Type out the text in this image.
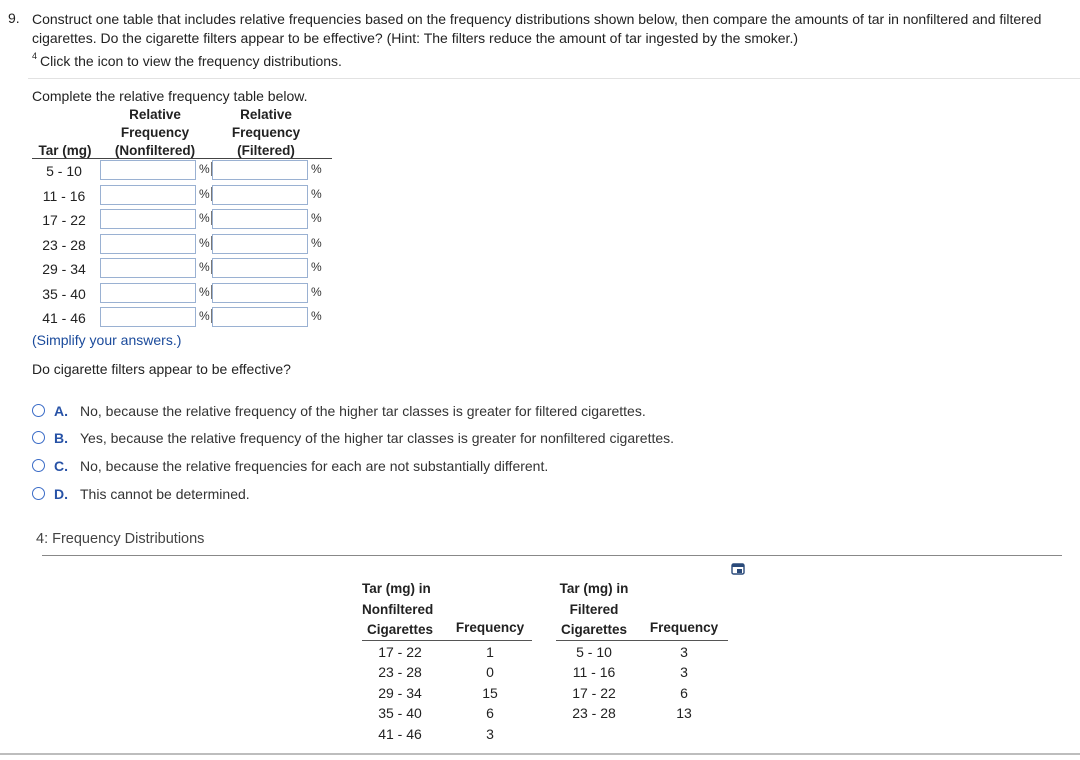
9. Construct one table that includes relative frequencies based on the frequency distributions shown below, then compare the amounts of tar in nonfiltered and filtered
cigarettes. Do the cigarette filters appear to be effective? (Hint: The filters reduce the amount of tar ingested by the smoker.)
$^4$ Click the icon to view the frequency distributions.
Complete the relative frequency table below.
Tar (mg)
Relative
Frequency
(Nonfiltered)
Relative
Frequency
(Filtered)
5 - 10	%	%
11 - 16	%	%
17 - 22	%	%
23 - 28	%	%
29 - 34	%	%
35 - 40	%	%
41 - 46	%	%
(Simplify your answers.)
Do cigarette filters appear to be effective?
A. No, because the relative frequency of the higher tar classes is greater for filtered cigarettes.
B. Yes, because the relative frequency of the higher tar classes is greater for nonfiltered cigarettes.
C. No, because the relative frequencies for each are not substantially different.
D. This cannot be determined.
4: Frequency Distributions
Tar (mg) in
Nonfiltered
Cigarettes	Frequency
Tar (mg) in
Filtered
Cigarettes	Frequency
17 - 22	1
23 - 28	0
29 - 34	15
35 - 40	6
41 - 46	3
5 - 10	3
11 - 16	3
17 - 22	6
23 - 28	13
